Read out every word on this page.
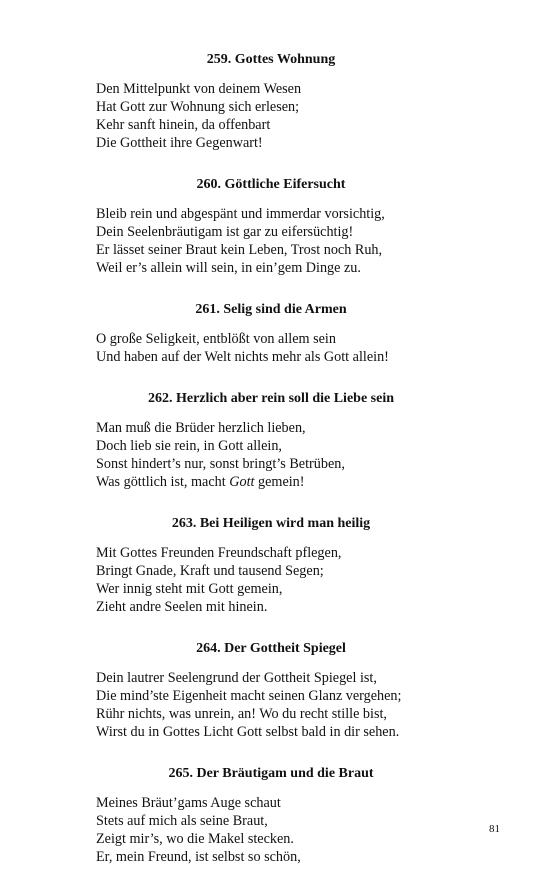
259. Gottes Wohnung

Den Mittelpunkt von deinem Wesen

Hat Gott zur Wohnung sich erlesen;

Kehr sanft hinein, da offenbart

Die Gottheit ihre Gegenwart!

260. Göttliche Eifersucht

Bleib rein und abgespänt und immerdar vorsichtig,

Dein Seelenbräutigam ist gar zu eifersüchtig!

Er lässet seiner Braut kein Leben, Trost noch Ruh,

Weil er’s allein will sein, in ein’gem Dinge zu.

261. Selig sind die Armen

O große Seligkeit, entblößt von allem sein

Und haben auf der Welt nichts mehr als Gott allein!

262. Herzlich aber rein soll die Liebe sein

Man muß die Brüder herzlich lieben,

Doch lieb sie rein, in Gott allein,

Sonst hindert’s nur, sonst bringt’s Betrüben,

Was göttlich ist, macht Gott gemein!

263. Bei Heiligen wird man heilig

Mit Gottes Freunden Freundschaft pflegen,

Bringt Gnade, Kraft und tausend Segen;

Wer innig steht mit Gott gemein,

Zieht andre Seelen mit hinein.

264. Der Gottheit Spiegel

Dein lautrer Seelengrund der Gottheit Spiegel ist,

Die mind’ste Eigenheit macht seinen Glanz vergehen;

Rühr nichts, was unrein, an! Wo du recht stille bist,

Wirst du in Gottes Licht Gott selbst bald in dir sehen.

265. Der Bräutigam und die Braut

Meines Bräut’gams Auge schaut

Stets auf mich als seine Braut,

Zeigt mir’s, wo die Makel stecken.

Er, mein Freund, ist selbst so schön,

81
